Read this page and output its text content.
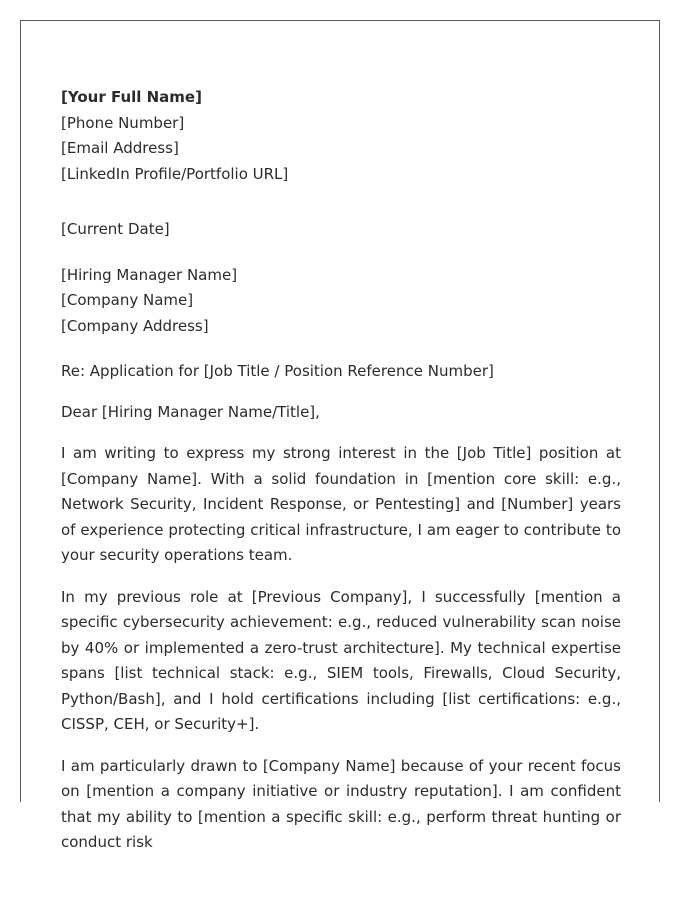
[Your Full Name]
[Phone Number]
[Email Address]
[LinkedIn Profile/Portfolio URL]
[Current Date]
[Hiring Manager Name]
[Company Name]
[Company Address]
Re: Application for [Job Title / Position Reference Number]
Dear [Hiring Manager Name/Title],

I am writing to express my strong interest in the [Job Title] position at [Company Name]. With a solid foundation in [mention core skill: e.g., Network Security, Incident Response, or Pentesting] and [Number] years of experience protecting critical infrastructure, I am eager to contribute to your security operations team.

In my previous role at [Previous Company], I successfully [mention a specific cybersecurity achievement: e.g., reduced vulnerability scan noise by 40% or implemented a zero-trust architecture]. My technical expertise spans [list technical stack: e.g., SIEM tools, Firewalls, Cloud Security, Python/Bash], and I hold certifications including [list certifications: e.g., CISSP, CEH, or Security+].

I am particularly drawn to [Company Name] because of your recent focus on [mention a company initiative or industry reputation]. I am confident that my ability to [mention a specific skill: e.g., perform threat hunting or conduct risk
